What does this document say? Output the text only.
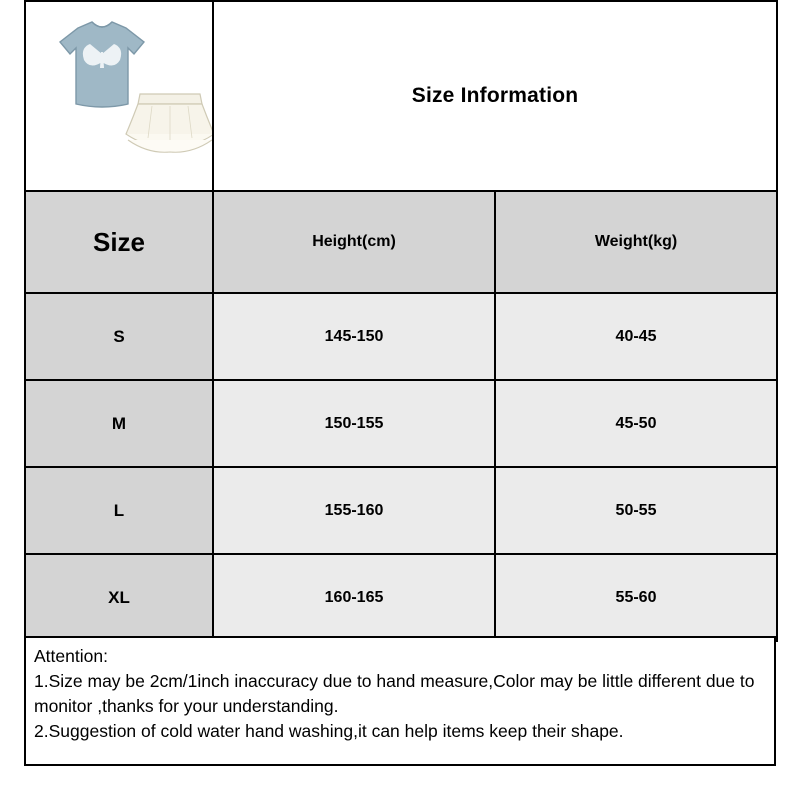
	Size Information	
Size	Height(cm)	Weight(kg)
S	145-150	40-45
M	150-155	45-50
L	155-160	50-55
XL	160-165	55-60
Attention:
1.Size may be 2cm/1inch inaccuracy due to hand measure,Color may be little different due to monitor ,thanks for your understanding.
2.Suggestion of cold water hand washing,it can help items keep their shape.
